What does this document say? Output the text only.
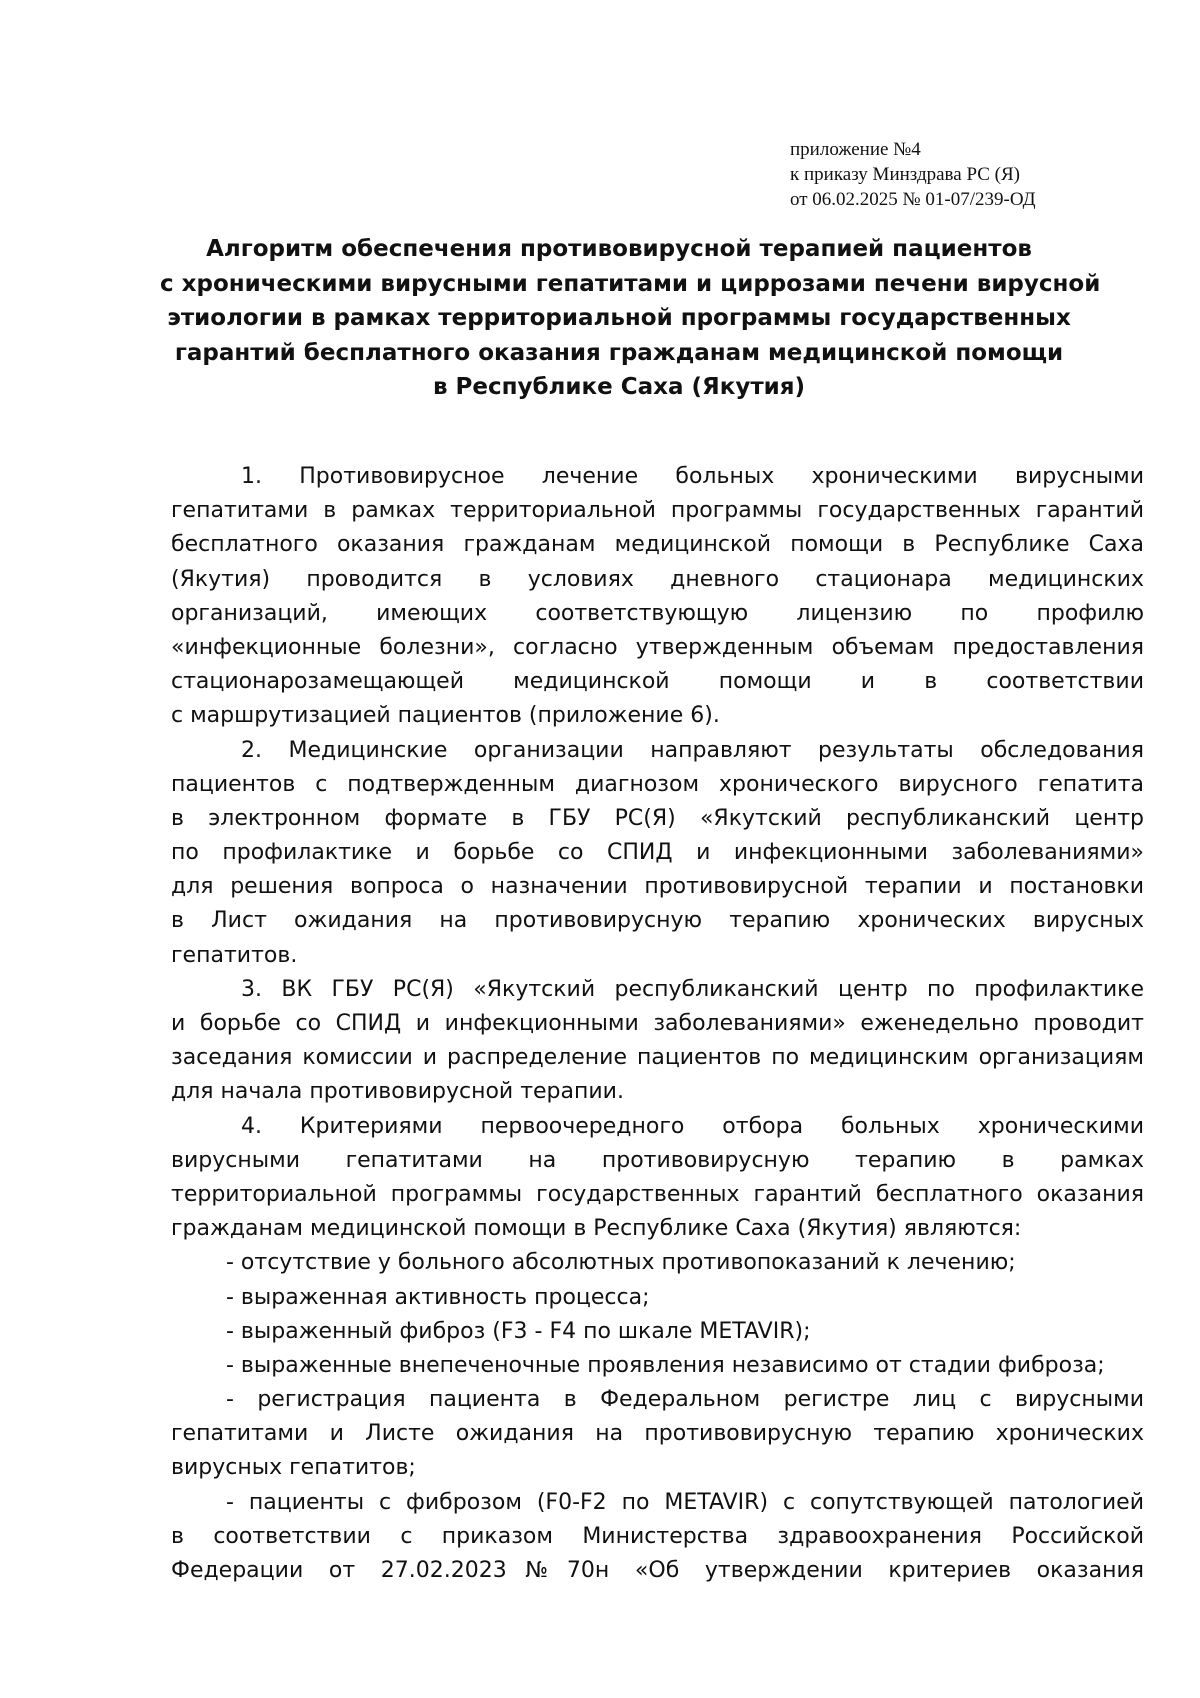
приложение №4
к приказу Минздрава РС (Я)
от 06.02.2025 № 01-07/239-ОД
Алгоритм обеспечения противовирусной терапией пациентов
с хроническими вирусными гепатитами и циррозами печени вирусной
этиологии в рамках территориальной программы государственных
гарантий бесплатного оказания гражданам медицинской помощи
в Республике Саха (Якутия)
1. Противовирусное лечение больных хроническими вирусными
гепатитами в рамках территориальной программы государственных гарантий
бесплатного оказания гражданам медицинской помощи в Республике Саха
(Якутия) проводится в условиях дневного стационара медицинских
организаций, имеющих соответствующую лицензию по профилю
«инфекционные болезни», согласно утвержденным объемам предоставления
стационарозамещающей медицинской помощи и в соответствии
с маршрутизацией пациентов (приложение 6).
2. Медицинские организации направляют результаты обследования
пациентов с подтвержденным диагнозом хронического вирусного гепатита
в электронном формате в ГБУ РС(Я) «Якутский республиканский центр
по профилактике и борьбе со СПИД и инфекционными заболеваниями»
для решения вопроса о назначении противовирусной терапии и постановки
в Лист ожидания на противовирусную терапию хронических вирусных
гепатитов.
3. ВК ГБУ РС(Я) «Якутский республиканский центр по профилактике
и борьбе со СПИД и инфекционными заболеваниями» еженедельно проводит
заседания комиссии и распределение пациентов по медицинским организациям
для начала противовирусной терапии.
4. Критериями первоочередного отбора больных хроническими
вирусными гепатитами на противовирусную терапию в рамках
территориальной программы государственных гарантий бесплатного оказания
гражданам медицинской помощи в Республике Саха (Якутия) являются:
- отсутствие у больного абсолютных противопоказаний к лечению;
- выраженная активность процесса;
- выраженный фиброз (F3 - F4 по шкале METAVIR);
- выраженные внепеченочные проявления независимо от стадии фиброза;
- регистрация пациента в Федеральном регистре лиц с вирусными
гепатитами и Листе ожидания на противовирусную терапию хронических
вирусных гепатитов;
- пациенты с фиброзом (F0-F2 по METAVIR) с сопутствующей патологией
в соответствии с приказом Министерства здравоохранения Российской
Федерации от 27.02.2023№70н «Об утверждении критериев оказания
